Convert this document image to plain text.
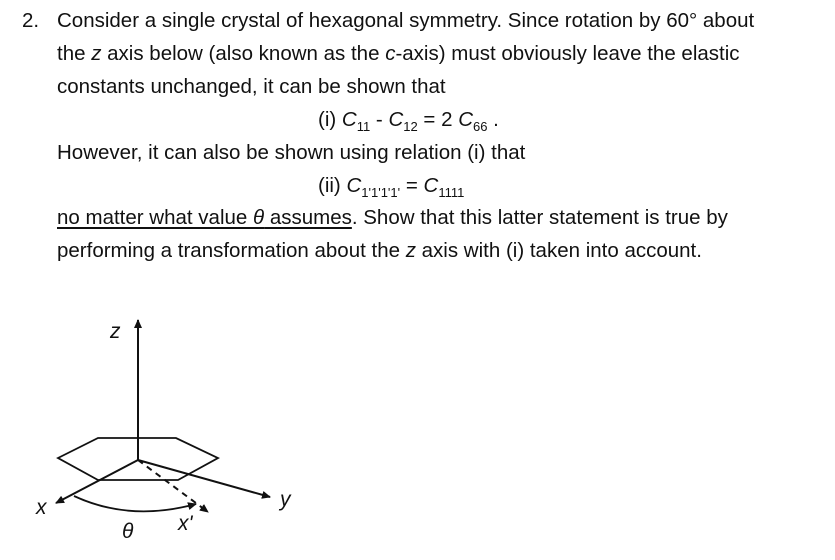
2. Consider a single crystal of hexagonal symmetry. Since rotation by 60° about
the z axis below (also known as the c-axis) must obviously leave the elastic
constants unchanged, it can be shown that
(i) $C_{11} - C_{12} = 2$ $C_{66}$ .
However, it can also be shown using relation (i) that
(ii) $C_{1'1'1'1'} = C_{1111}$
no matter what value θ assumes. Show that this latter statement is true by
performing a transformation about the z axis with (i) taken into account.
z
x	y
θ x'
